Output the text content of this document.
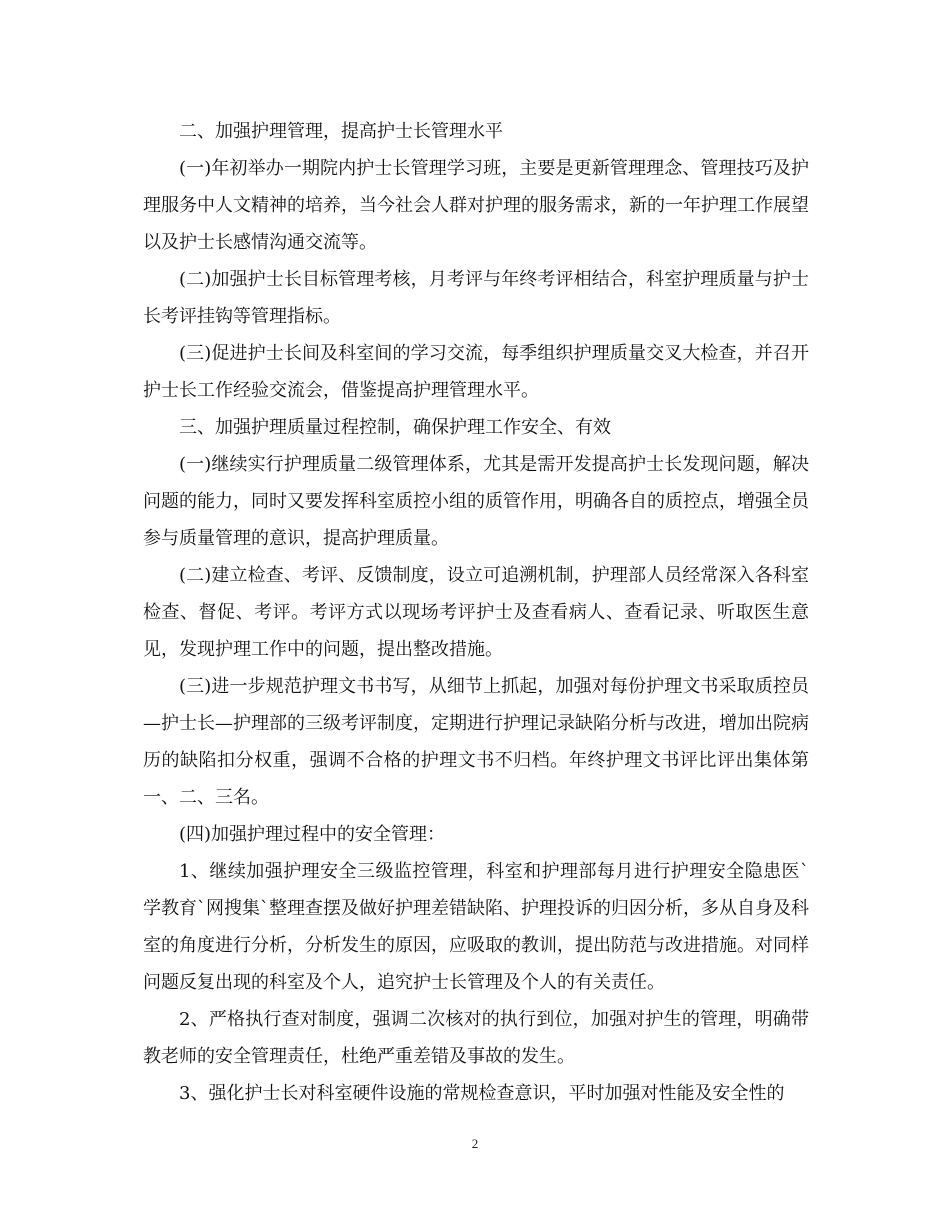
二、加强护理管理，提高护士长管理水平

(一)年初举办一期院内护士长管理学习班，主要是更新管理理念、管理技巧及护理服务中人文精神的培养，当今社会人群对护理的服务需求，新的一年护理工作展望以及护士长感情沟通交流等。

(二)加强护士长目标管理考核，月考评与年终考评相结合，科室护理质量与护士长考评挂钩等管理指标。

(三)促进护士长间及科室间的学习交流，每季组织护理质量交叉大检查，并召开护士长工作经验交流会，借鉴提高护理管理水平。

三、加强护理质量过程控制，确保护理工作安全、有效

(一)继续实行护理质量二级管理体系，尤其是需开发提高护士长发现问题，解决问题的能力，同时又要发挥科室质控小组的质管作用，明确各自的质控点，增强全员参与质量管理的意识，提高护理质量。

(二)建立检查、考评、反馈制度，设立可追溯机制，护理部人员经常深入各科室检查、督促、考评。考评方式以现场考评护士及查看病人、查看记录、听取医生意见，发现护理工作中的问题，提出整改措施。

(三)进一步规范护理文书书写，从细节上抓起，加强对每份护理文书采取质控员—护士长—护理部的三级考评制度，定期进行护理记录缺陷分析与改进，增加出院病历的缺陷扣分权重，强调不合格的护理文书不归档。年终护理文书评比评出集体第一、二、三名。

(四)加强护理过程中的安全管理：

1、继续加强护理安全三级监控管理，科室和护理部每月进行护理安全隐患医`学教育`网搜集`整理查摆及做好护理差错缺陷、护理投诉的归因分析，多从自身及科室的角度进行分析，分析发生的原因，应吸取的教训，提出防范与改进措施。对同样问题反复出现的科室及个人，追究护士长管理及个人的有关责任。

2、严格执行查对制度，强调二次核对的执行到位，加强对护生的管理，明确带教老师的安全管理责任，杜绝严重差错及事故的发生。

3、强化护士长对科室硬件设施的常规检查意识，平时加强对性能及安全性的

2
